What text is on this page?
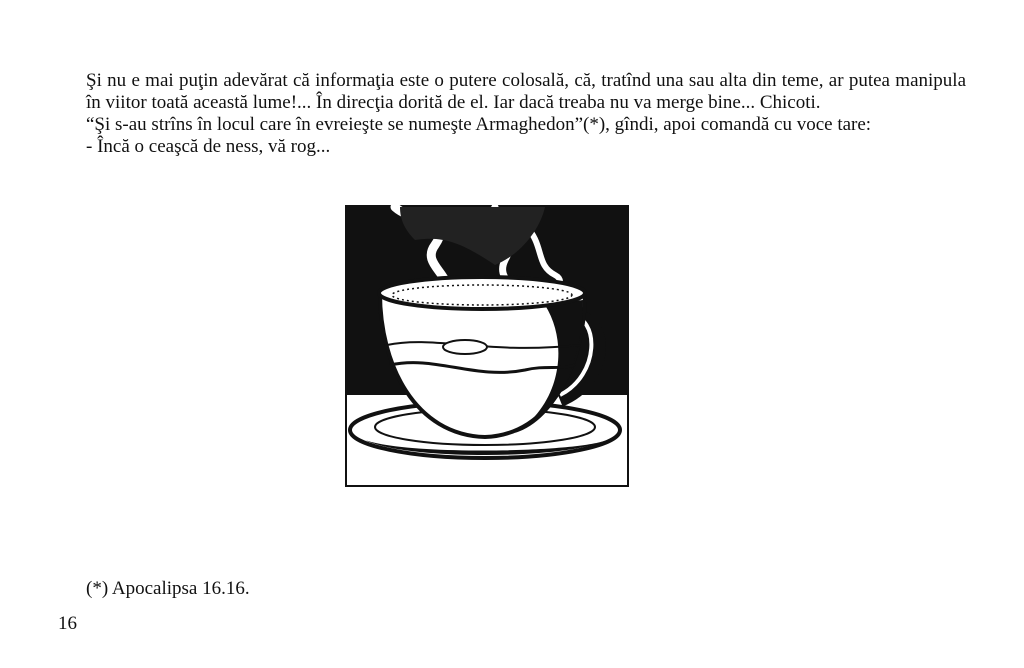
Şi nu e mai puţin adevărat că informaţia este o putere colosală, că, tratînd una sau alta din teme, ar putea manipula în viitor toată această lume!... În direcţia dorită de el. Iar dacă treaba nu va merge bine... Chicoti.

“Şi s-au strîns în locul care în evreieşte se numeşte Armaghedon”(*), gîndi, apoi comandă cu voce tare:

- Încă o ceaşcă de ness, vă rog...

(*) Apocalipsa 16.16.
16
